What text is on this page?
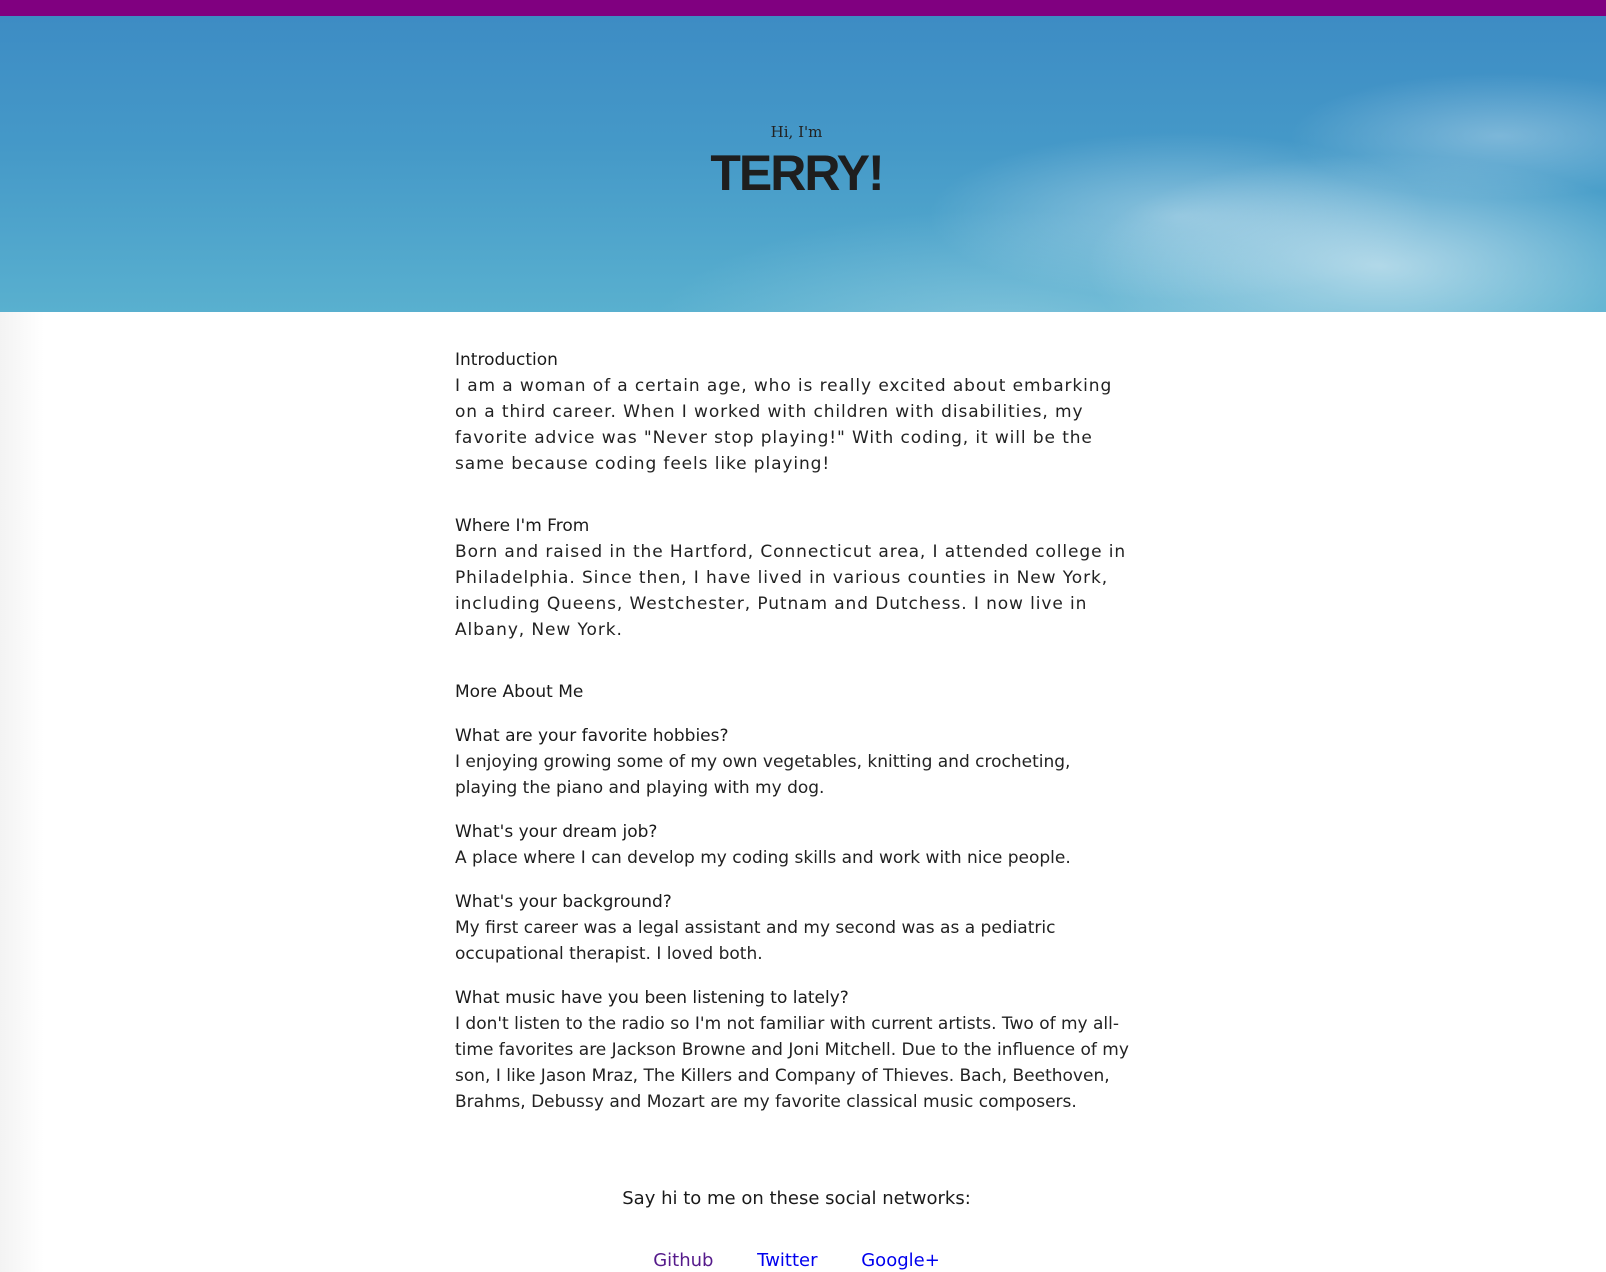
Hi, I'm
TERRY!
Introduction

I am a woman of a certain age, who is really excited about embarking on a third career. When I worked with children with disabilities, my favorite advice was "Never stop playing!" With coding, it will be the same because coding feels like playing!

Where I'm From

Born and raised in the Hartford, Connecticut area, I attended college in Philadelphia. Since then, I have lived in various counties in New York, including Queens, Westchester, Putnam and Dutchess. I now live in Albany, New York.

More About Me
What are your favorite hobbies?

I enjoying growing some of my own vegetables, knitting and crocheting, playing the piano and playing with my dog.

What's your dream job?

A place where I can develop my coding skills and work with nice people.

What's your background?

My first career was a legal assistant and my second was as a pediatric occupational therapist. I loved both.

What music have you been listening to lately?

I don't listen to the radio so I'm not familiar with current artists. Two of my all-time favorites are Jackson Browne and Joni Mitchell. Due to the influence of my son, I like Jason Mraz, The Killers and Company of Thieves. Bach, Beethoven, Brahms, Debussy and Mozart are my favorite classical music composers.

Say hi to me on these social networks:
Github Twitter Google+
